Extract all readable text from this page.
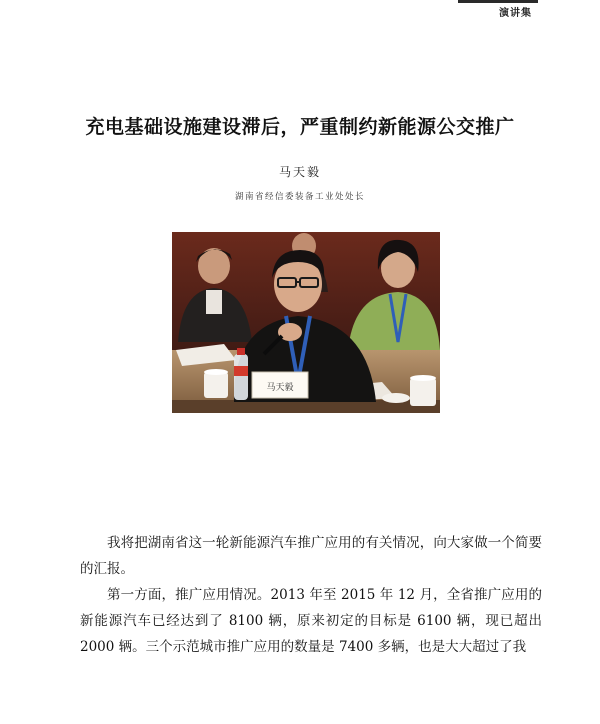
演讲集
充电基础设施建设滞后，严重制约新能源公交推广
马天毅
湖南省经信委装备工业处处长
马天毅

我将把湖南省这一轮新能源汽车推广应用的有关情况，向大家做一个简要的汇报。

第一方面，推广应用情况。2013 年至 2015 年 12 月，全省推广应用的新能源汽车已经达到了 8100 辆，原来初定的目标是 6100 辆，现已超出 2000 辆。三个示范城市推广应用的数量是 7400 多辆，也是大大超过了我
